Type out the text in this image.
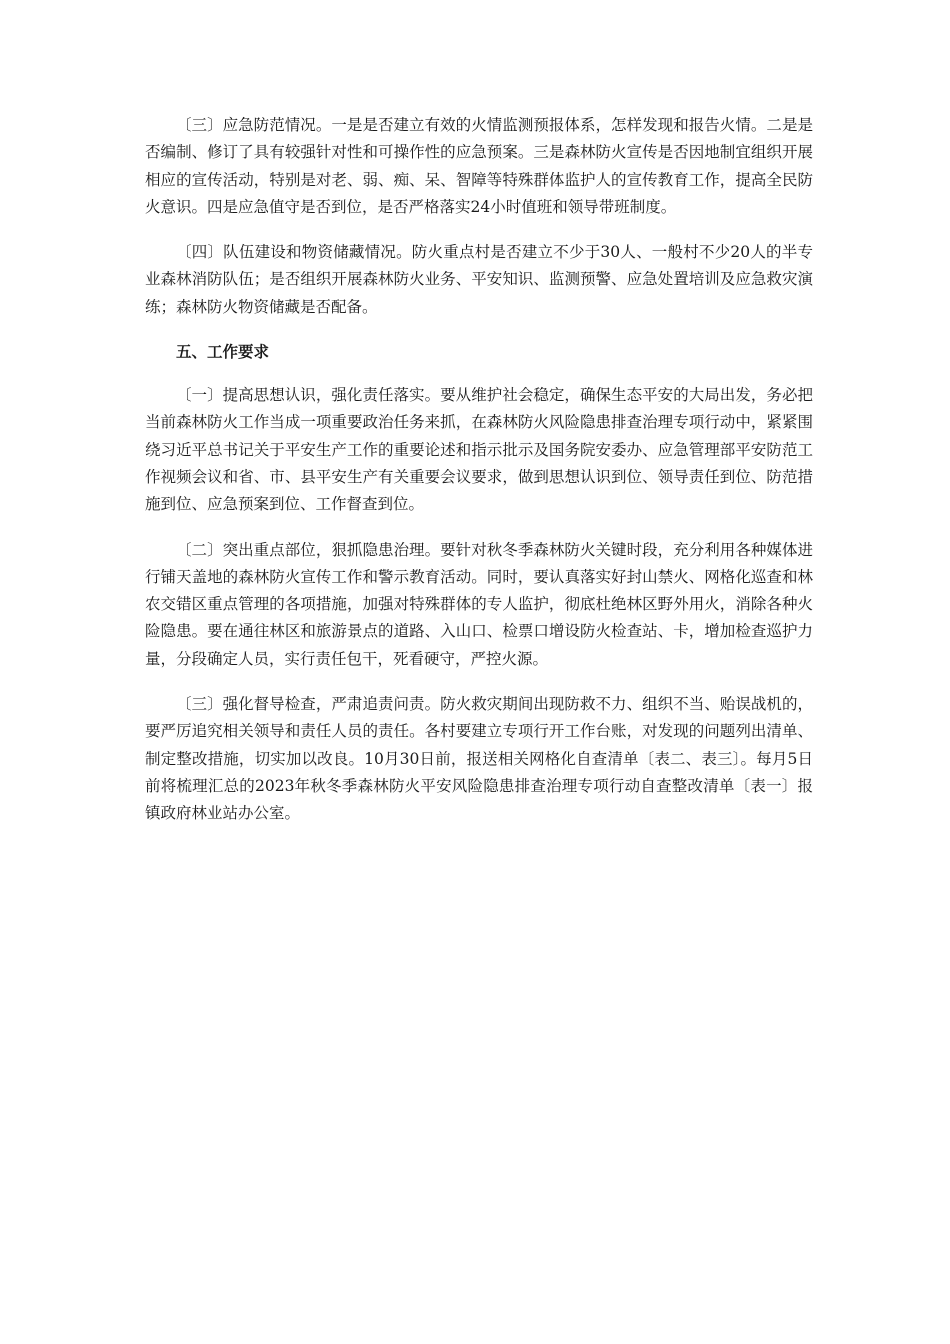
〔三〕应急防范情况。一是是否建立有效的火情监测预报体系，怎样发现和报告火情。二是是否编制、修订了具有较强针对性和可操作性的应急预案。三是森林防火宣传是否因地制宜组织开展相应的宣传活动，特别是对老、弱、痴、呆、智障等特殊群体监护人的宣传教育工作，提高全民防火意识。四是应急值守是否到位，是否严格落实24小时值班和领导带班制度。

〔四〕队伍建设和物资储藏情况。防火重点村是否建立不少于30人、一般村不少20人的半专业森林消防队伍；是否组织开展森林防火业务、平安知识、监测预警、应急处置培训及应急救灾演练；森林防火物资储藏是否配备。

五、工作要求

〔一〕提高思想认识，强化责任落实。要从维护社会稳定，确保生态平安的大局出发，务必把当前森林防火工作当成一项重要政治任务来抓，在森林防火风险隐患排查治理专项行动中，紧紧围绕习近平总书记关于平安生产工作的重要论述和指示批示及国务院安委办、应急管理部平安防范工作视频会议和省、市、县平安生产有关重要会议要求，做到思想认识到位、领导责任到位、防范措施到位、应急预案到位、工作督查到位。

〔二〕突出重点部位，狠抓隐患治理。要针对秋冬季森林防火关键时段，充分利用各种媒体进行铺天盖地的森林防火宣传工作和警示教育活动。同时，要认真落实好封山禁火、网格化巡查和林农交错区重点管理的各项措施，加强对特殊群体的专人监护，彻底杜绝林区野外用火，消除各种火险隐患。要在通往林区和旅游景点的道路、入山口、检票口增设防火检查站、卡，增加检查巡护力量，分段确定人员，实行责任包干，死看硬守，严控火源。

〔三〕强化督导检查，严肃追责问责。防火救灾期间出现防救不力、组织不当、贻误战机的，要严厉追究相关领导和责任人员的责任。各村要建立专项行开工作台账，对发现的问题列出清单、制定整改措施，切实加以改良。10月30日前，报送相关网格化自查清单〔表二、表三〕。每月5日前将梳理汇总的2023年秋冬季森林防火平安风险隐患排查治理专项行动自查整改清单〔表一〕报镇政府林业站办公室。
